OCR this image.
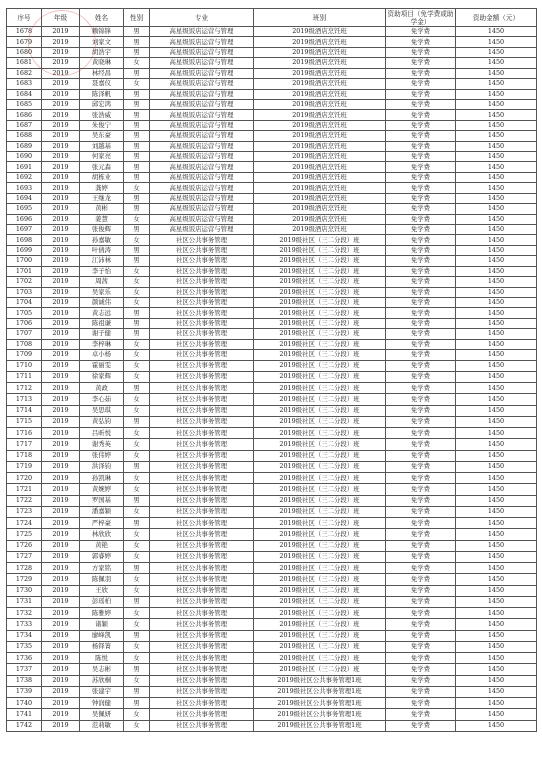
序号	年级	姓名	性别	专业	班别	资助项目（免学费或助学金）	资助金额（元）
1678	2019	赖锦锋	男	高星级饭店运营与管理	2019级酒店烹饪班	免学费	1450
1679	2019	刘家文	男	高星级饭店运营与管理	2019级酒店烹饪班	免学费	1450
1680	2019	胡浩宇	男	高星级饭店运营与管理	2019级酒店烹饪班	免学费	1450
1681	2019	黄晓琳	女	高星级饭店运营与管理	2019级酒店烹饪班	免学费	1450
1682	2019	林经昌	男	高星级饭店运营与管理	2019级酒店烹饪班	免学费	1450
1683	2019	聂嘉仪	女	高星级饭店运营与管理	2019级酒店烹饪班	免学费	1450
1684	2019	陈泽帆	男	高星级饭店运营与管理	2019级酒店烹饪班	免学费	1450
1685	2019	邱宏鸿	男	高星级饭店运营与管理	2019级酒店烹饪班	免学费	1450
1686	2019	张浩威	男	高星级饭店运营与管理	2019级酒店烹饪班	免学费	1450
1687	2019	朱俊宁	男	高星级饭店运营与管理	2019级酒店烹饪班	免学费	1450
1688	2019	吴东豪	男	高星级饭店运营与管理	2019级酒店烹饪班	免学费	1450
1689	2019	刘越基	男	高星级饭店运营与管理	2019级酒店烹饪班	免学费	1450
1690	2019	何家亮	男	高星级饭店运营与管理	2019级酒店烹饪班	免学费	1450
1691	2019	张元森	男	高星级饭店运营与管理	2019级酒店烹饪班	免学费	1450
1692	2019	胡栋业	男	高星级饭店运营与管理	2019级酒店烹饪班	免学费	1450
1693	2019	龚婷	女	高星级饭店运营与管理	2019级酒店烹饪班	免学费	1450
1694	2019	王继龙	男	高星级饭店运营与管理	2019级酒店烹饪班	免学费	1450
1695	2019	黄彬	男	高星级饭店运营与管理	2019级酒店烹饪班	免学费	1450
1696	2019	姜慧	女	高星级饭店运营与管理	2019级酒店烹饪班	免学费	1450
1697	2019	张俊辉	男	高星级饭店运营与管理	2019级酒店烹饪班	免学费	1450
1698	2019	孙嘉敏	女	社区公共事务管理	2019级社区（三二分段）班	免学费	1450
1699	2019	叶倩涛	男	社区公共事务管理	2019级社区（三二分段）班	免学费	1450
1700	2019	江沛林	男	社区公共事务管理	2019级社区（三二分段）班	免学费	1450
1701	2019	李子怡	女	社区公共事务管理	2019级社区（三二分段）班	免学费	1450
1702	2019	周茜	女	社区公共事务管理	2019级社区（三二分段）班	免学费	1450
1703	2019	吴家乐	女	社区公共事务管理	2019级社区（三二分段）班	免学费	1450
1704	2019	颜诚伟	女	社区公共事务管理	2019级社区（三二分段）班	免学费	1450
1705	2019	黄志远	男	社区公共事务管理	2019级社区（三二分段）班	免学费	1450
1706	2019	陈祖谦	男	社区公共事务管理	2019级社区（三二分段）班	免学费	1450
1707	2019	谢子健	男	社区公共事务管理	2019级社区（三二分段）班	免学费	1450
1708	2019	李梓琳	女	社区公共事务管理	2019级社区（三二分段）班	免学费	1450
1709	2019	卓小杨	女	社区公共事务管理	2019级社区（三二分段）班	免学费	1450
1710	2019	霍丽雯	女	社区公共事务管理	2019级社区（三二分段）班	免学费	1450
1711	2019	徐家辉	女	社区公共事务管理	2019级社区（三二分段）班	免学费	1450
1712	2019	黄政	男	社区公共事务管理	2019级社区（三二分段）班	免学费	1450
1713	2019	李心茹	女	社区公共事务管理	2019级社区（三二分段）班	免学费	1450
1714	2019	吴思琪	女	社区公共事务管理	2019级社区（三二分段）班	免学费	1450
1715	2019	黄弘钧	男	社区公共事务管理	2019级社区（三二分段）班	免学费	1450
1716	2019	吕昕悦	女	社区公共事务管理	2019级社区（三二分段）班	免学费	1450
1717	2019	谢秀英	女	社区公共事务管理	2019级社区（三二分段）班	免学费	1450
1718	2019	张伟婷	女	社区公共事务管理	2019级社区（三二分段）班	免学费	1450
1719	2019	洪泽钧	男	社区公共事务管理	2019级社区（三二分段）班	免学费	1450
1720	2019	孙凯琳	女	社区公共事务管理	2019级社区（三二分段）班	免学费	1450
1721	2019	黄婉婷	女	社区公共事务管理	2019级社区（三二分段）班	免学费	1450
1722	2019	罗国基	男	社区公共事务管理	2019级社区（三二分段）班	免学费	1450
1723	2019	潘嘉颖	女	社区公共事务管理	2019级社区（三二分段）班	免学费	1450
1724	2019	严梓豪	男	社区公共事务管理	2019级社区（三二分段）班	免学费	1450
1725	2019	林欣欣	女	社区公共事务管理	2019级社区（三二分段）班	免学费	1450
1726	2019	黄艳	女	社区公共事务管理	2019级社区（三二分段）班	免学费	1450
1727	2019	郭睿婷	女	社区公共事务管理	2019级社区（三二分段）班	免学费	1450
1728	2019	方家铭	男	社区公共事务管理	2019级社区（三二分段）班	免学费	1450
1729	2019	陈佩羽	女	社区公共事务管理	2019级社区（三二分段）班	免学费	1450
1730	2019	王欣	女	社区公共事务管理	2019级社区（三二分段）班	免学费	1450
1731	2019	彭瑶柏	男	社区公共事务管理	2019级社区（三二分段）班	免学费	1450
1732	2019	陈雅婷	女	社区公共事务管理	2019级社区（三二分段）班	免学费	1450
1733	2019	诸颖	女	社区公共事务管理	2019级社区（三二分段）班	免学费	1450
1734	2019	廖峰凯	男	社区公共事务管理	2019级社区（三二分段）班	免学费	1450
1735	2019	杨铎箐	女	社区公共事务管理	2019级社区（三二分段）班	免学费	1450
1736	2019	陈悦	女	社区公共事务管理	2019级社区（三二分段）班	免学费	1450
1737	2019	吴志彬	男	社区公共事务管理	2019级社区（三二分段）班	免学费	1450
1738	2019	苏欣桐	女	社区公共事务管理	2019级社区公共事务管理1班	免学费	1450
1739	2019	张建宇	男	社区公共事务管理	2019级社区公共事务管理1班	免学费	1450
1740	2019	钟润健	男	社区公共事务管理	2019级社区公共事务管理1班	免学费	1450
1741	2019	吴佩妍	女	社区公共事务管理	2019级社区公共事务管理1班	免学费	1450
1742	2019	范莉敏	女	社区公共事务管理	2019级社区公共事务管理1班	免学费	1450
